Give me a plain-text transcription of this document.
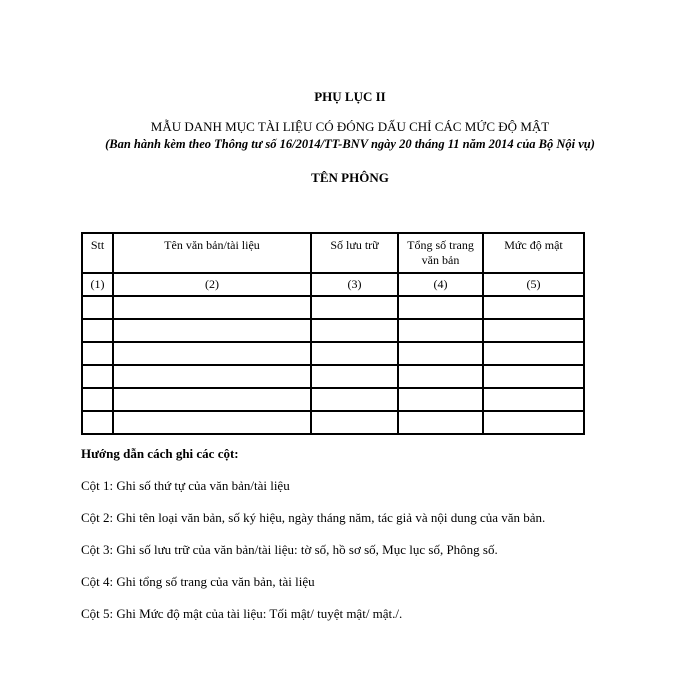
PHỤ LỤC II
MẪU DANH MỤC TÀI LIỆU CÓ ĐÓNG DẤU CHỈ CÁC MỨC ĐỘ MẬT
(Ban hành kèm theo Thông tư số 16/2014/TT-BNV ngày 20 tháng 11 năm 2014 của Bộ Nội vụ)
TÊN PHÔNG
Stt	Tên văn bản/tài liệu	Số lưu trữ	Tổng số trang văn bản	Mức độ mật
(1)	(2)	(3)	(4)	(5)

Hướng dẫn cách ghi các cột:
Cột 1: Ghi số thứ tự của văn bản/tài liệu
Cột 2: Ghi tên loại văn bản, số ký hiệu, ngày tháng năm, tác giả và nội dung của văn bản.
Cột 3: Ghi số lưu trữ của văn bản/tài liệu: tờ số, hồ sơ số, Mục lục số, Phông số.
Cột 4: Ghi tổng số trang của văn bản, tài liệu
Cột 5: Ghi Mức độ mật của tài liệu: Tối mật/ tuyệt mật/ mật./.
